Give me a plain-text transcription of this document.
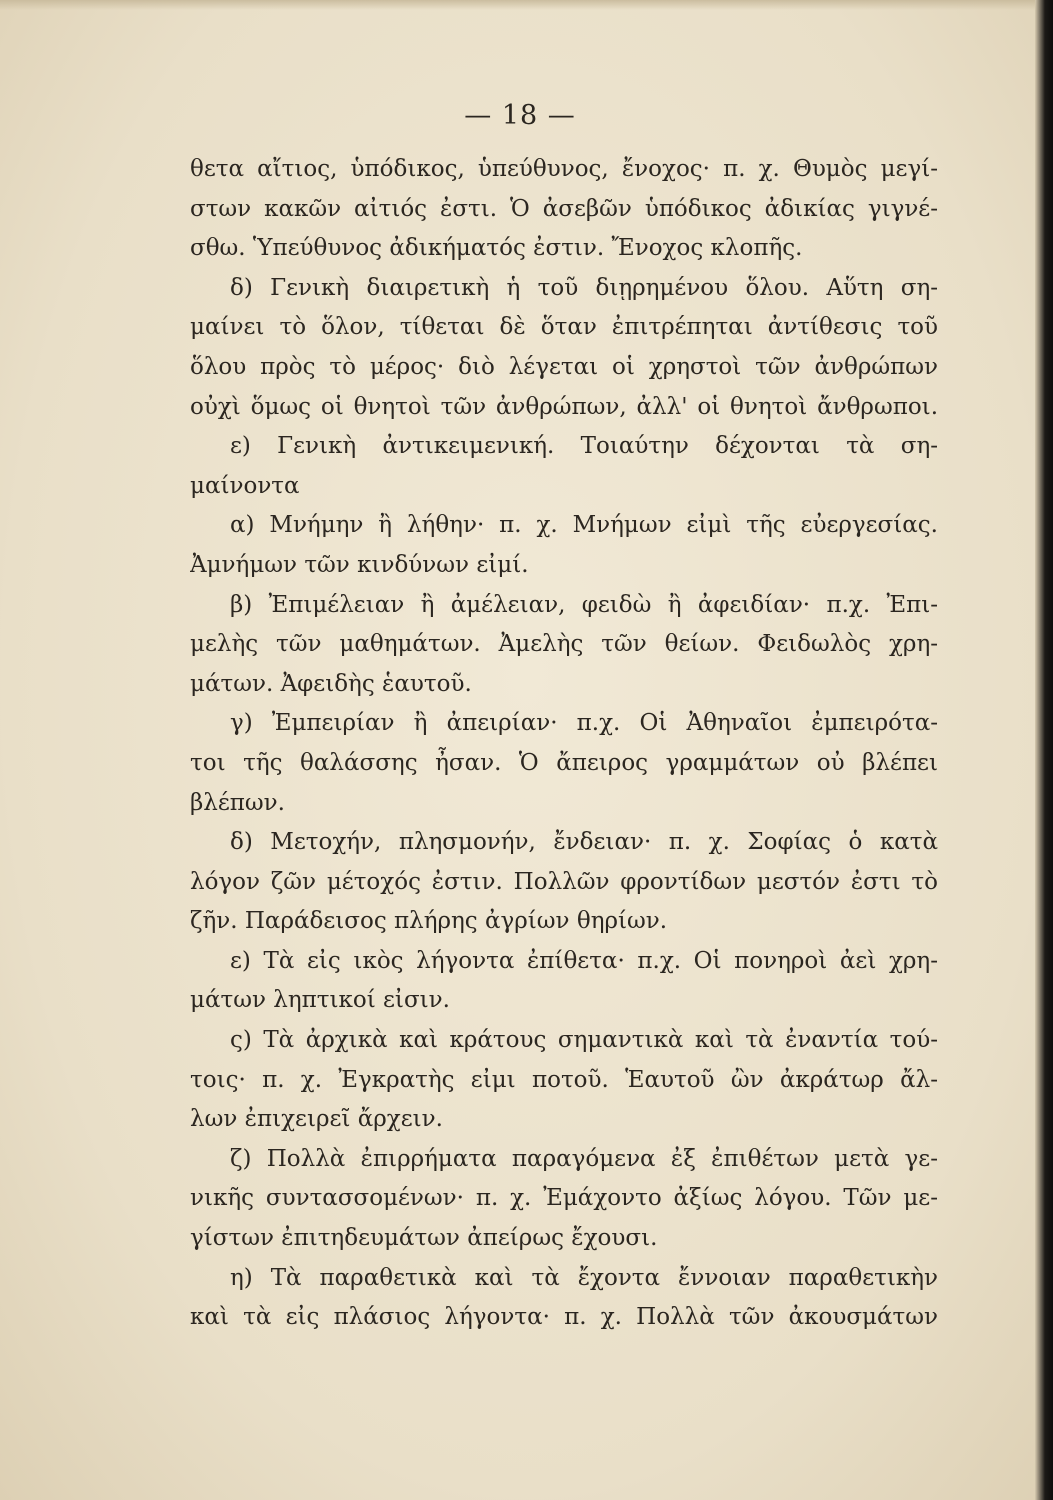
— 18 —
θετα αἴτιος, ὑπόδικος, ὑπεύθυνος, ἔνοχος· π. χ. Θυμὸς μεγί-
στων κακῶν αἰτιός ἐστι. Ὁ ἀσεβῶν ὑπόδικος ἀδικίας γιγνέ-
σθω. Ὑπεύθυνος ἀδικήματός ἐστιν. Ἔνοχος κλοπῆς.
δ) Γενικὴ διαιρετικὴ ἡ τοῦ διῃρημένου ὅλου. Αὕτη ση-
μαίνει τὸ ὅλον, τίθεται δὲ ὅταν ἐπιτρέπηται ἀντίθεσις τοῦ
ὅλου πρὸς τὸ μέρος· διὸ λέγεται οἱ χρηστοὶ τῶν ἀνθρώπων
οὐχὶ ὅμως οἱ θνητοὶ τῶν ἀνθρώπων, ἀλλ' οἱ θνητοὶ ἄνθρωποι.
ε) Γενικὴ ἀντικειμενική. Τοιαύτην δέχονται τὰ ση-
μαίνοντα
α) Μνήμην ἢ λήθην· π. χ. Μνήμων εἰμὶ τῆς εὐεργεσίας.
Ἀμνήμων τῶν κινδύνων εἰμί.
β) Ἐπιμέλειαν ἢ ἀμέλειαν, φειδὼ ἢ ἀφειδίαν· π.χ. Ἐπι-
μελὴς τῶν μαθημάτων. Ἀμελὴς τῶν θείων. Φειδωλὸς χρη-
μάτων. Ἀφειδὴς ἑαυτοῦ.
γ) Ἐμπειρίαν ἢ ἀπειρίαν· π.χ. Οἱ Ἀθηναῖοι ἐμπειρότα-
τοι τῆς θαλάσσης ἦσαν. Ὁ ἄπειρος γραμμάτων οὐ βλέπει
βλέπων.
δ) Μετοχήν, πλησμονήν, ἔνδειαν· π. χ. Σοφίας ὁ κατὰ
λόγον ζῶν μέτοχός ἐστιν. Πολλῶν φροντίδων μεστόν ἐστι τὸ
ζῆν. Παράδεισος πλήρης ἀγρίων θηρίων.
ε) Τὰ εἰς ικὸς λήγοντα ἐπίθετα· π.χ. Οἱ πονηροὶ ἀεὶ χρη-
μάτων ληπτικοί εἰσιν.
ς) Τὰ ἀρχικὰ καὶ κράτους σημαντικὰ καὶ τὰ ἐναντία τού-
τοις· π. χ. Ἐγκρατὴς εἰμι ποτοῦ. Ἑαυτοῦ ὢν ἀκράτωρ ἄλ-
λων ἐπιχειρεῖ ἄρχειν.
ζ) Πολλὰ ἐπιρρήματα παραγόμενα ἐξ ἐπιθέτων μετὰ γε-
νικῆς συντασσομένων· π. χ. Ἐμάχοντο ἀξίως λόγου. Τῶν με-
γίστων ἐπιτηδευμάτων ἀπείρως ἔχουσι.
η) Τὰ παραθετικὰ καὶ τὰ ἔχοντα ἔννοιαν παραθετικὴν
καὶ τὰ εἰς πλάσιος λήγοντα· π. χ. Πολλὰ τῶν ἀκουσμάτων
